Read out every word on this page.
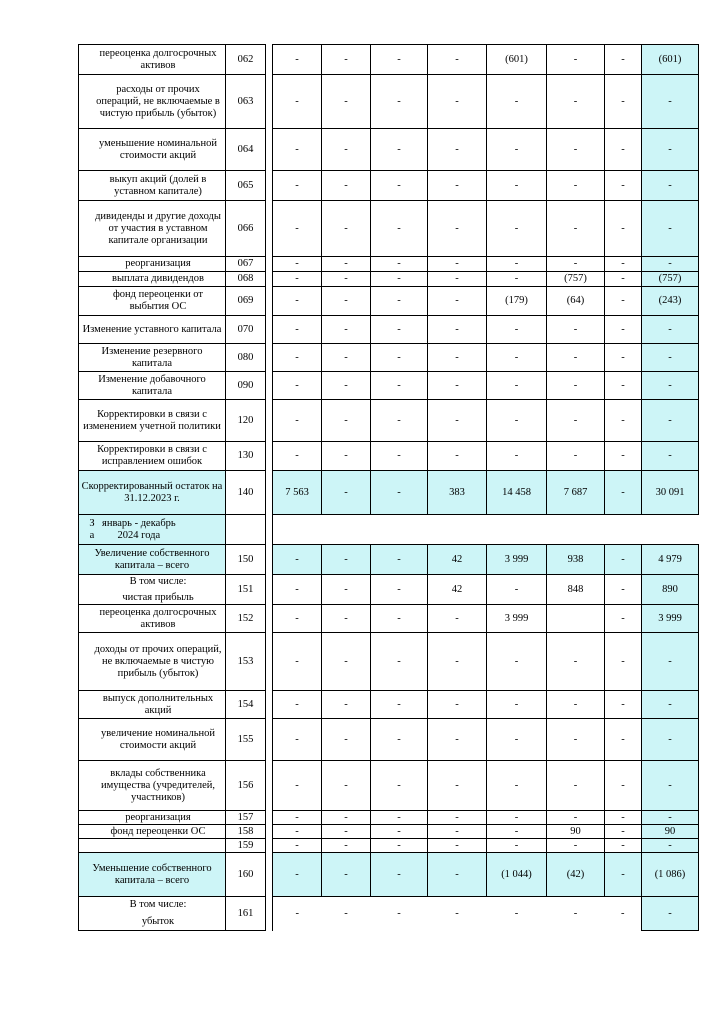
переоценка долгосрочных активов	062		-	-	-	-	(601)	-	-	(601)
расходы от прочих операций, не включаемые в чистую прибыль (убыток)	063		-	-	-	-	-	-	-	-
уменьшение номинальной стоимости акций	064		-	-	-	-	-	-	-	-
выкуп акций (долей в уставном капитале)	065		-	-	-	-	-	-	-	-
дивиденды и другие доходы от участия в уставном капитале организации	066		-	-	-	-	-	-	-	-
реорганизация	067		-	-	-	-	-	-	-	-
выплата дивидендов	068		-	-	-	-	-	(757)	-	(757)
фонд переоценки от выбытия ОС	069		-	-	-	-	(179)	(64)	-	(243)
Изменение уставного капитала	070		-	-	-	-	-	-	-	-
Изменение резервного капитала	080		-	-	-	-	-	-	-	-
Изменение добавочного капитала	090		-	-	-	-	-	-	-	-
Корректировки в связи с изменением учетной политики	120		-	-	-	-	-	-	-	-
Корректировки в связи с исправлением ошибок	130		-	-	-	-	-	-	-	-

Скорректированный остаток на
31.12.2023 г.	140		7 563	-	-	383	14 458	7 687	-	30 091

З
а
январь - декабрь
2024 года										

Увеличение собственного капитала – всего	150		-	-	-	42	3 999	938	-	4 979

В том числе:
чистая прибыль	151		-	-	-	42	-	848	-	890
переоценка долгосрочных активов	152		-	-	-	-	3 999		-	3 999
доходы от прочих операций, не включаемые в чистую прибыль (убыток)	153		-	-	-	-	-	-	-	-
выпуск дополнительных акций	154		-	-	-	-	-	-	-	-
увеличение номинальной стоимости акций	155		-	-	-	-	-	-	-	-
вклады собственника имущества (учредителей, участников)	156		-	-	-	-	-	-	-	-
реорганизация	157		-	-	-	-	-	-	-	-
фонд переоценки ОС	158		-	-	-	-	-	90	-	90
	159		-	-	-	-	-	-	-	-
Уменьшение собственного капитала – всего	160		-	-	-	-	(1 044)	(42)	-	(1 086)

В том числе:
убыток	161		-	-	-	-	-	-	-	-
